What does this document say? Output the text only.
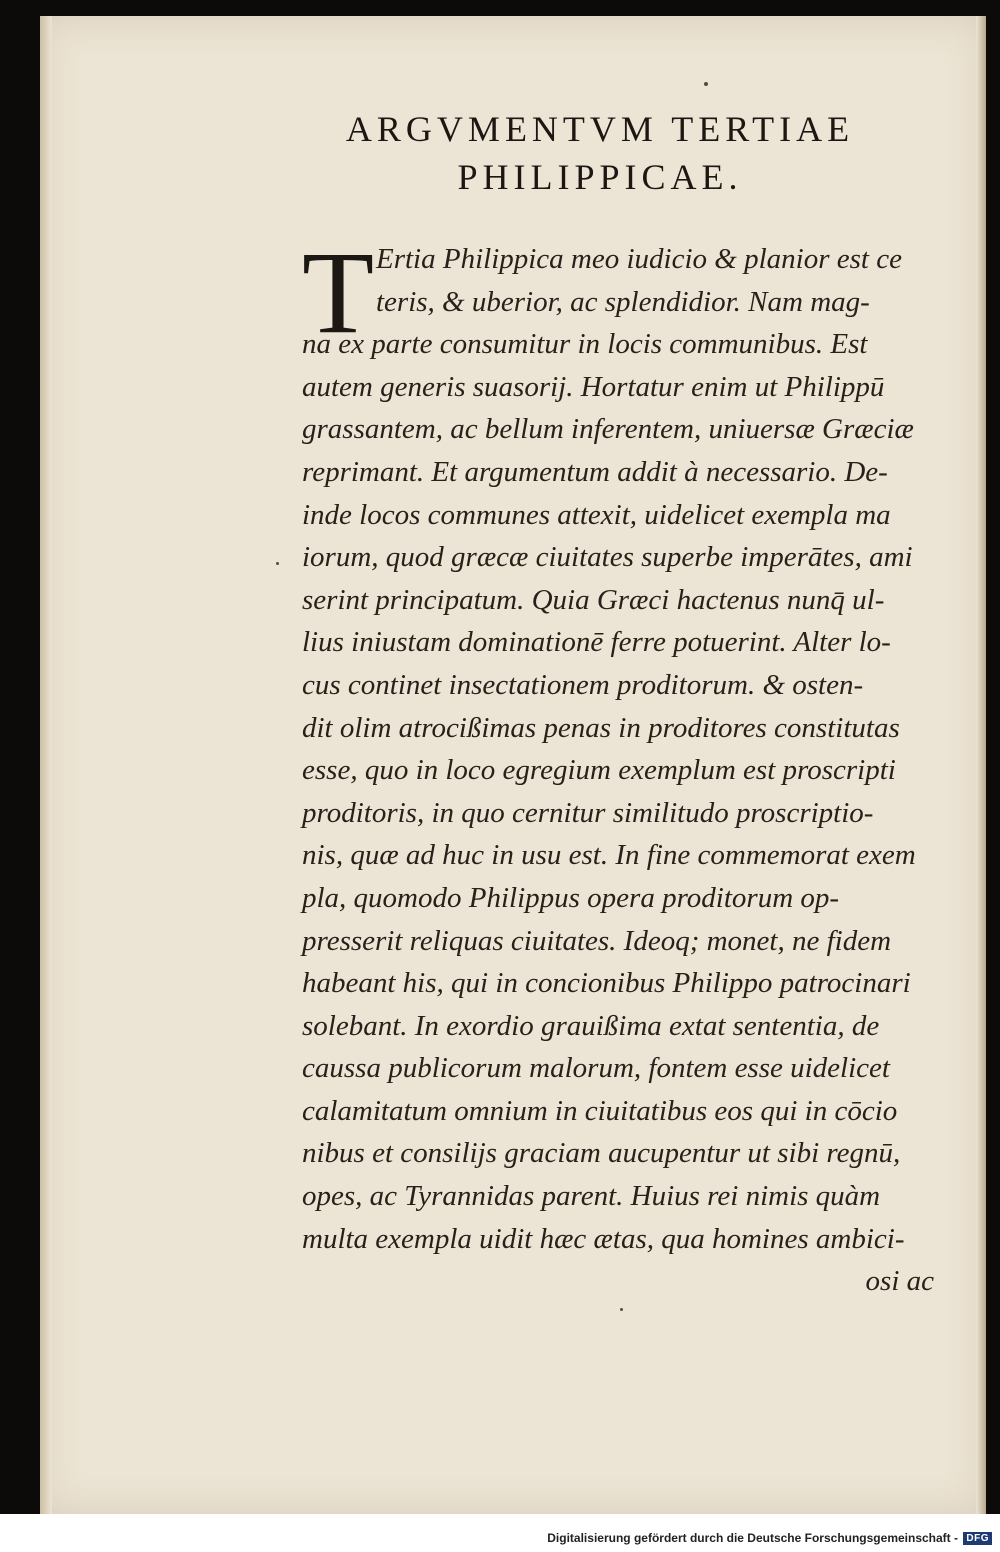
ARGVMENTVM TERTIAE
PHILIPPICAE.
T Ertia Philippica meo iudicio & planior est ce
teris, & uberior, ac splendidior. Nam mag-
na ex parte consumitur in locis communibus. Est
autem generis suasorij. Hortatur enim ut Philippū
grassantem, ac bellum inferentem, uniuersæ Græciæ
reprimant. Et argumentum addit à necessario. De-
inde locos communes attexit, uidelicet exempla ma
iorum, quod græcæ ciuitates superbe imperātes, ami
serint principatum. Quia Græci hactenus nunq̄ ul-
lius iniustam dominationē ferre potuerint. Alter lo-
cus continet insectationem proditorum. & osten-
dit olim atrocißimas penas in proditores constitutas
esse, quo in loco egregium exemplum est proscripti
proditoris, in quo cernitur similitudo proscriptio-
nis, quæ ad huc in usu est. In fine commemorat exem
pla, quomodo Philippus opera proditorum op-
presserit reliquas ciuitates. Ideoq; monet, ne fidem
habeant his, qui in concionibus Philippo patrocinari
solebant. In exordio grauißima extat sententia, de
caussa publicorum malorum, fontem esse uidelicet
calamitatum omnium in ciuitatibus eos qui in cōcio
nibus et consilijs graciam aucupentur ut sibi regnū,
opes, ac Tyrannidas parent. Huius rei nimis quàm
multa exempla uidit hæc ætas, qua homines ambici-
osi ac
Digitalisierung gefördert durch die Deutsche Forschungsgemeinschaft - DFG
